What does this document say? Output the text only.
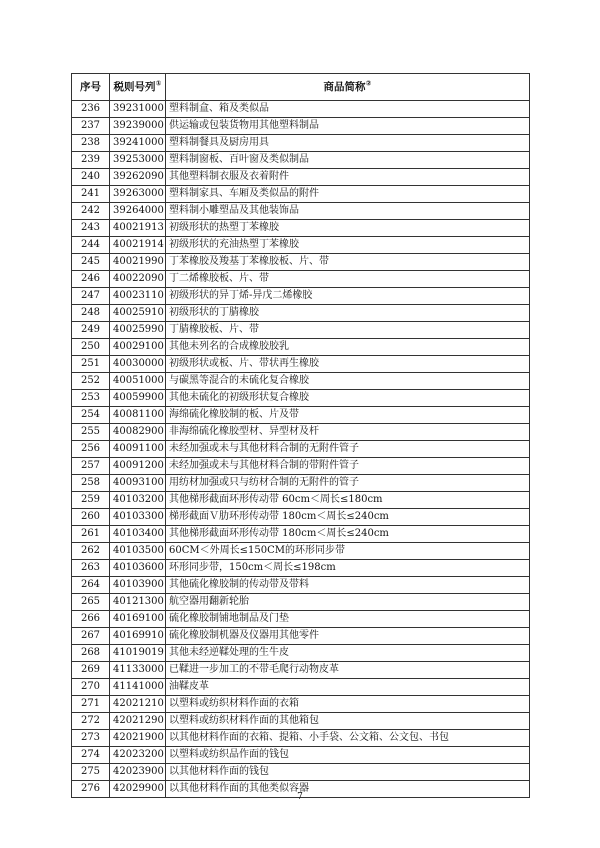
序号	税则号列①	商品简称②
236	39231000	塑料制盒、箱及类似品
237	39239000	供运输或包装货物用其他塑料制品
238	39241000	塑料制餐具及厨房用具
239	39253000	塑料制窗板、百叶窗及类似制品
240	39262090	其他塑料制衣服及衣着附件
241	39263000	塑料制家具、车厢及类似品的附件
242	39264000	塑料制小雕塑品及其他装饰品
243	40021913	初级形状的热塑丁苯橡胶
244	40021914	初级形状的充油热塑丁苯橡胶
245	40021990	丁苯橡胶及羧基丁苯橡胶板、片、带
246	40022090	丁二烯橡胶板、片、带
247	40023110	初级形状的异丁烯-异戊二烯橡胶
248	40025910	初级形状的丁腈橡胶
249	40025990	丁腈橡胶板、片、带
250	40029100	其他未列名的合成橡胶胶乳
251	40030000	初级形状或板、片、带状再生橡胶
252	40051000	与碳黑等混合的未硫化复合橡胶
253	40059900	其他未硫化的初级形状复合橡胶
254	40081100	海绵硫化橡胶制的板、片及带
255	40082900	非海绵硫化橡胶型材、异型材及杆
256	40091100	未经加强或未与其他材料合制的无附件管子
257	40091200	未经加强或未与其他材料合制的带附件管子
258	40093100	用纺材加强或只与纺材合制的无附件的管子
259	40103200	其他梯形截面环形传动带 60cm＜周长≤180cm
260	40103300	梯形截面Ｖ肋环形传动带 180cm＜周长≤240cm
261	40103400	其他梯形截面环形传动带 180cm＜周长≤240cm
262	40103500	60CM＜外周长≤150CM的环形同步带
263	40103600	环形同步带，150cm＜周长≤198cm
264	40103900	其他硫化橡胶制的传动带及带料
265	40121300	航空器用翻新轮胎
266	40169100	硫化橡胶制铺地制品及门垫
267	40169910	硫化橡胶制机器及仪器用其他零件
268	41019019	其他未经逆鞣处理的生牛皮
269	41133000	已鞣进一步加工的不带毛爬行动物皮革
270	41141000	油鞣皮革
271	42021210	以塑料或纺织材料作面的衣箱
272	42021290	以塑料或纺织材料作面的其他箱包
273	42021900	以其他材料作面的衣箱、提箱、小手袋、公文箱、公文包、书包
274	42023200	以塑料或纺织品作面的钱包
275	42023900	以其他材料作面的钱包
276	42029900	以其他材料作面的其他类似容器
7
